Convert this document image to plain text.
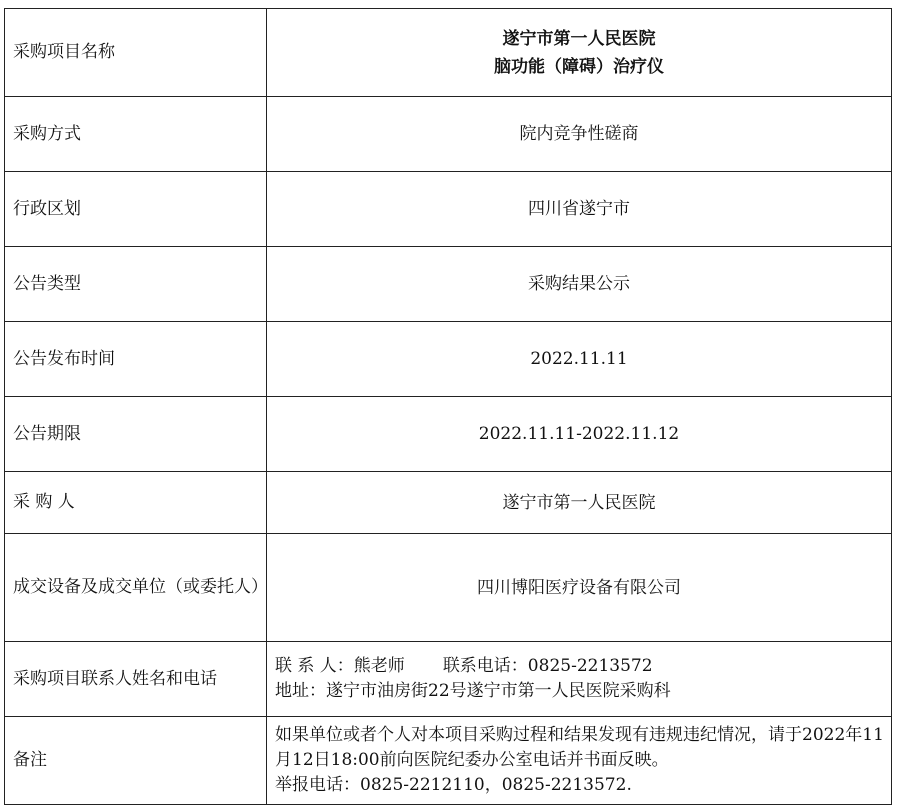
采购项目名称	遂宁市第一人民医院
脑功能（障碍）治疗仪

采购方式	院内竞争性磋商
行政区划	四川省遂宁市
公告类型	采购结果公示
公告发布时间	2022.11.11
公告期限	2022.11.11-2022.11.12
采 购 人	遂宁市第一人民医院
成交设备及成交单位（或委托人）	四川博阳医疗设备有限公司
采购项目联系人姓名和电话	联 系 人：熊老师 联系电话：0825-2213572
地址：遂宁市油房街22号遂宁市第一人民医院采购科

备注	如果单位或者个人对本项目采购过程和结果发现有违规违纪情况，请于2022年11月12日18:00前向医院纪委办公室电话并书面反映。
举报电话：0825-2212110，0825-2213572.
